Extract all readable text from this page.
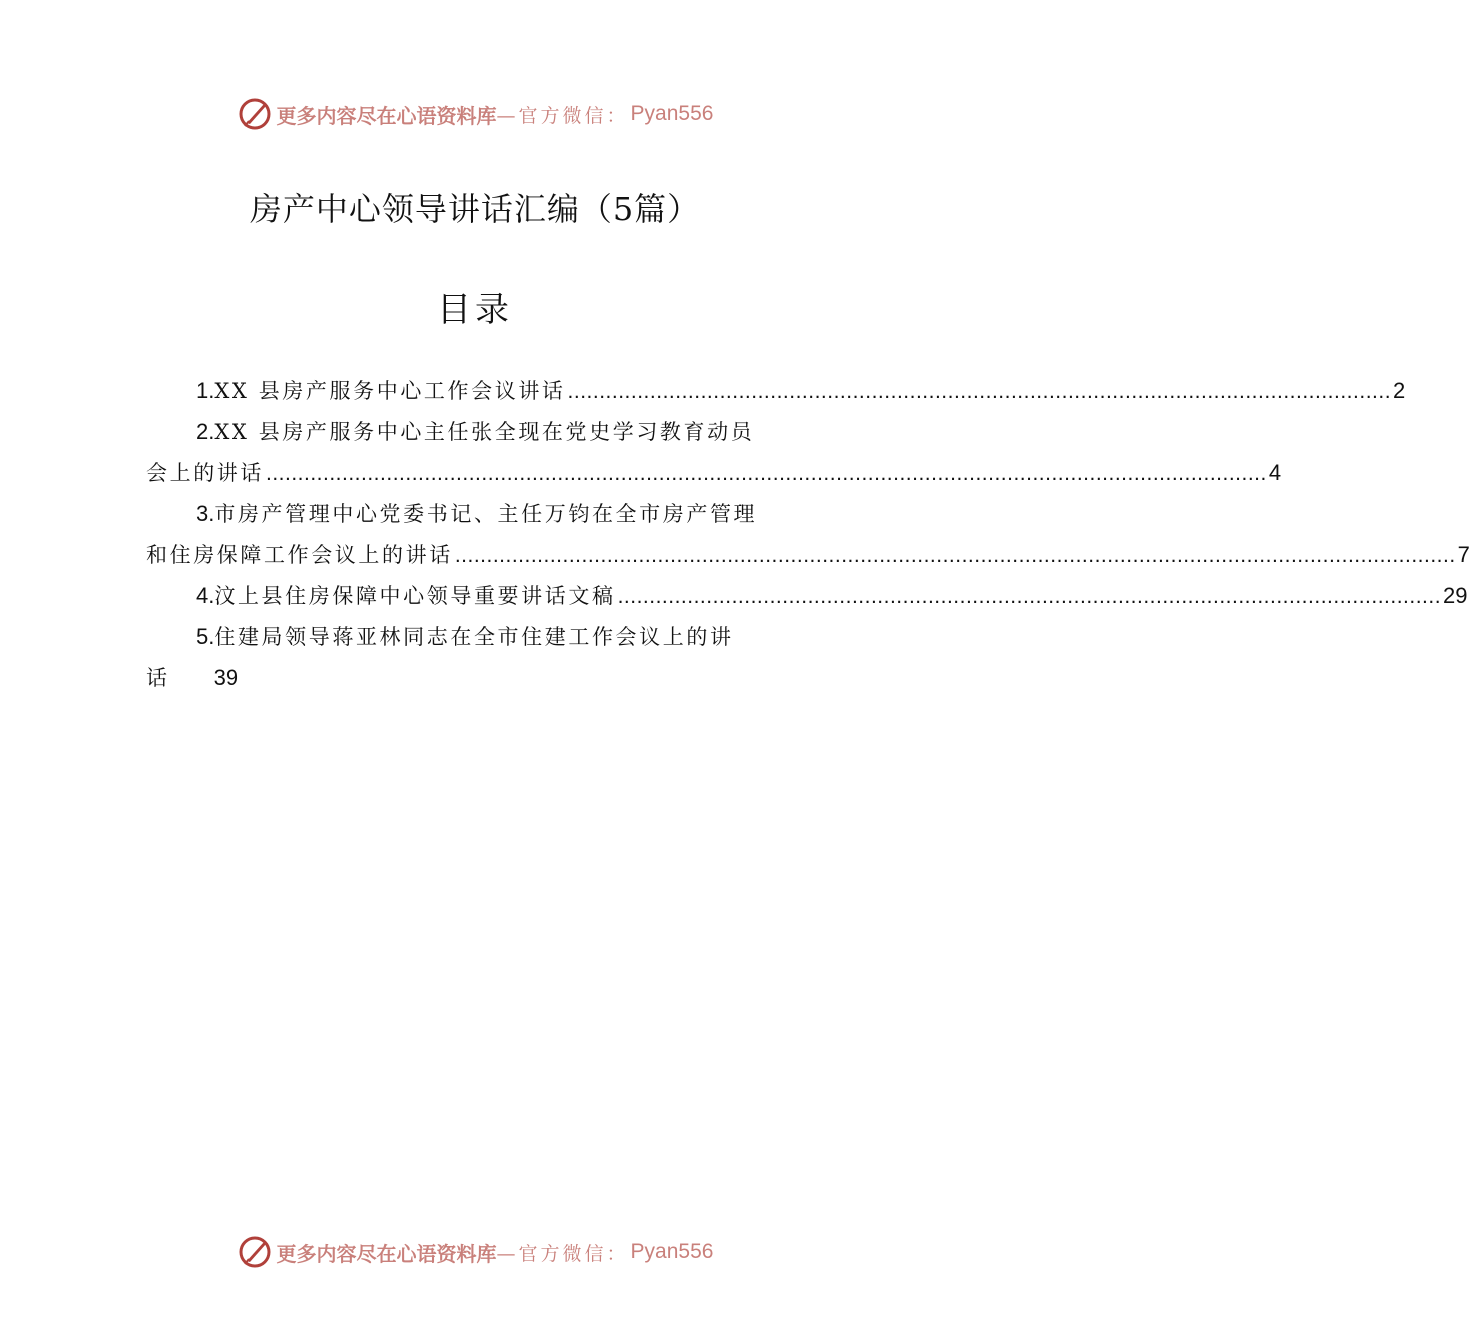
更多内容尽在心语资料库 —官方微信： Pyan556
房产中心领导讲话汇编（5篇）
目录
1. XX 县房产服务中心工作会议讲话 .................................................................................................................................. 2
2. XX 县房产服务中心主任张全现在党史学习教育动员
会上的讲话 .............................................................................................................................................................. 4
3. 市房产管理中心党委书记、主任万钧在全市房产管理
和住房保障工作会议上的讲话 .............................................................................................................................................................. 7
4. 汶上县住房保障中心领导重要讲话文稿 .................................................................................................................................. 29
5. 住建局领导蒋亚林同志在全市住建工作会议上的讲
话 39
更多内容尽在心语资料库 —官方微信： Pyan556
